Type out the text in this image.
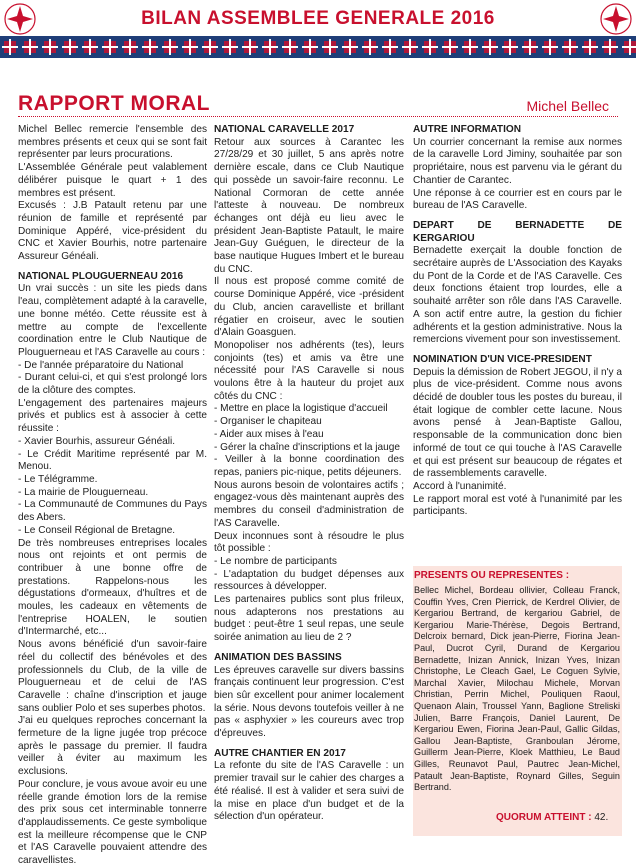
BILAN ASSEMBLEE GENERALE 2016
RAPPORT MORAL	Michel Bellec

Michel Bellec remercie l'ensemble des membres présents et ceux qui se sont fait représenter par leurs procurations.

L'Assemblée Générale peut valablement délibérer puisque le quart + 1 des membres est présent.

Excusés : J.B Patault retenu par une réunion de famille et représenté par Dominique Appéré, vice-président du CNC et Xavier Bourhis, notre partenaire Assureur Généali.

NATIONAL PLOUGUERNEAU 2016

Un vrai succès : un site les pieds dans l'eau, complètement adapté à la caravelle, une bonne météo. Cette réussite est à mettre au compte de l'excellente coordination entre le Club Nautique de Plouguerneau et l'AS Caravelle au cours :

- De l'année préparatoire du National

- Durant celui-ci, et qui s'est prolongé lors de la clôture des comptes.

L'engagement des partenaires majeurs privés et publics est à associer à cette réussite :

- Xavier Bourhis, assureur Généali.

- Le Crédit Maritime représenté par M. Menou.

- Le Télégramme.

- La mairie de Plouguerneau.

- La Communauté de Communes du Pays des Abers.

- Le Conseil Régional de Bretagne.

De très nombreuses entreprises locales nous ont rejoints et ont permis de contribuer à une bonne offre de prestations. Rappelons-nous les dégustations d'ormeaux, d'huîtres et de moules, les cadeaux en vêtements de l'entreprise HOALEN, le soutien d'Intermarché, etc...

Nous avons bénéficié d'un savoir-faire réel du collectif des bénévoles et des professionnels du Club, de la ville de Plouguerneau et de celui de l'AS Caravelle : chaîne d'inscription et jauge sans oublier Polo et ses superbes photos.

J'ai eu quelques reproches concernant la fermeture de la ligne jugée trop précoce après le passage du premier. Il faudra veiller à éviter au maximum les exclusions.

Pour conclure, je vous avoue avoir eu une réelle grande émotion lors de la remise des prix sous cet interminable tonnerre d'applaudissements. Ce geste symbolique est la meilleure récompense que le CNP et l'AS Caravelle pouvaient attendre des caravellistes.

NATIONAL CARAVELLE 2017

Retour aux sources à Carantec les 27/28/29 et 30 juillet, 5 ans après notre dernière escale, dans ce Club Nautique qui possède un savoir-faire reconnu. Le National Cormoran de cette année l'atteste à nouveau. De nombreux échanges ont déjà eu lieu avec le président Jean-Baptiste Patault, le maire Jean-Guy Guéguen, le directeur de la base nautique Hugues Imbert et le bureau du CNC.

Il nous est proposé comme comité de course Dominique Appéré, vice -président du Club, ancien caravelliste et brillant régatier en croiseur, avec le soutien d'Alain Goasguen.

Monopoliser nos adhérents (tes), leurs conjoints (tes) et amis va être une nécessité pour l'AS Caravelle si nous voulons être à la hauteur du projet aux côtés du CNC :

- Mettre en place la logistique d'accueil

- Organiser le chapiteau

- Aider aux mises à l'eau

- Gérer la chaîne d'inscriptions et la jauge

- Veiller à la bonne coordination des repas, paniers pic-nique, petits déjeuners.

Nous aurons besoin de volontaires actifs ; engagez-vous dès maintenant auprès des membres du conseil d'administration de l'AS Caravelle.

Deux inconnues sont à résoudre le plus tôt possible :

- Le nombre de participants

- L'adaptation du budget dépenses aux ressources à développer.

Les partenaires publics sont plus frileux, nous adapterons nos prestations au budget : peut-être 1 seul repas, une seule soirée animation au lieu de 2 ?

ANIMATION DES BASSINS

Les épreuves caravelle sur divers bassins français continuent leur progression. C'est bien sûr excellent pour animer localement la série. Nous devons toutefois veiller à ne pas « asphyxier » les coureurs avec trop d'épreuves.

AUTRE CHANTIER EN 2017

La refonte du site de l'AS Caravelle : un premier travail sur le cahier des charges a été réalisé. Il est à valider et sera suivi de la mise en place d'un budget et de la sélection d'un opérateur.

AUTRE INFORMATION

Un courrier concernant la remise aux normes de la caravelle Lord Jiminy, souhaitée par son propriétaire, nous est parvenu via le gérant du Chantier de Carantec.

Une réponse à ce courrier est en cours par le bureau de l'AS Caravelle.

DEPART DE BERNADETTE DE KERGARIOU

Bernadette exerçait la double fonction de secrétaire auprès de L'Association des Kayaks du Pont de la Corde et de l'AS Caravelle. Ces deux fonctions étaient trop lourdes, elle a souhaité arrêter son rôle dans l'AS Caravelle. A son actif entre autre, la gestion du fichier adhérents et la gestion administrative. Nous la remercions vivement pour son investissement.

NOMINATION D'UN VICE-PRESIDENT

Depuis la démission de Robert JEGOU, il n'y a plus de vice-président. Comme nous avons décidé de doubler tous les postes du bureau, il était logique de combler cette lacune. Nous avons pensé à Jean-Baptiste Gallou, responsable de la communication donc bien informé de tout ce qui touche à l'AS Caravelle et qui est présent sur beaucoup de régates et de rassemblements caravelle.

Accord à l'unanimité.

Le rapport moral est voté à l'unanimité par les participants.

PRESENTS OU REPRESENTES :
Bellec Michel, Bordeau ollivier, Colleau Franck, Couffin Yves, Cren Pierrick, de Kerdrel Olivier, de Kergariou Bertrand, de kergariou Gabriel, de Kergariou Marie-Thérèse, Degois Bertrand, Delcroix bernard, Dick jean-Pierre, Fiorina Jean-Paul, Ducrot Cyril, Durand de Kergariou Bernadette, Inizan Annick, Inizan Yves, Inizan Christophe, Le Cleach Gael, Le Coguen Sylvie, Marchal Xavier, Milochau Michele, Morvan Christian, Perrin Michel, Pouliquen Raoul, Quenaon Alain, Troussel Yann, Baglione Streliski Julien, Barre François, Daniel Laurent, De Kergariou Ewen, Fiorina Jean-Paul, Gallic Gildas, Gallou Jean-Baptiste, Granboulan Jérome, Guillerm Jean-Pierre, Kloek Matthieu, Le Baud Gilles, Reunavot Paul, Pautrec Jean-Michel, Patault Jean-Baptiste, Roynard Gilles, Seguin Bertrand.
QUORUM ATTEINT : 42.
